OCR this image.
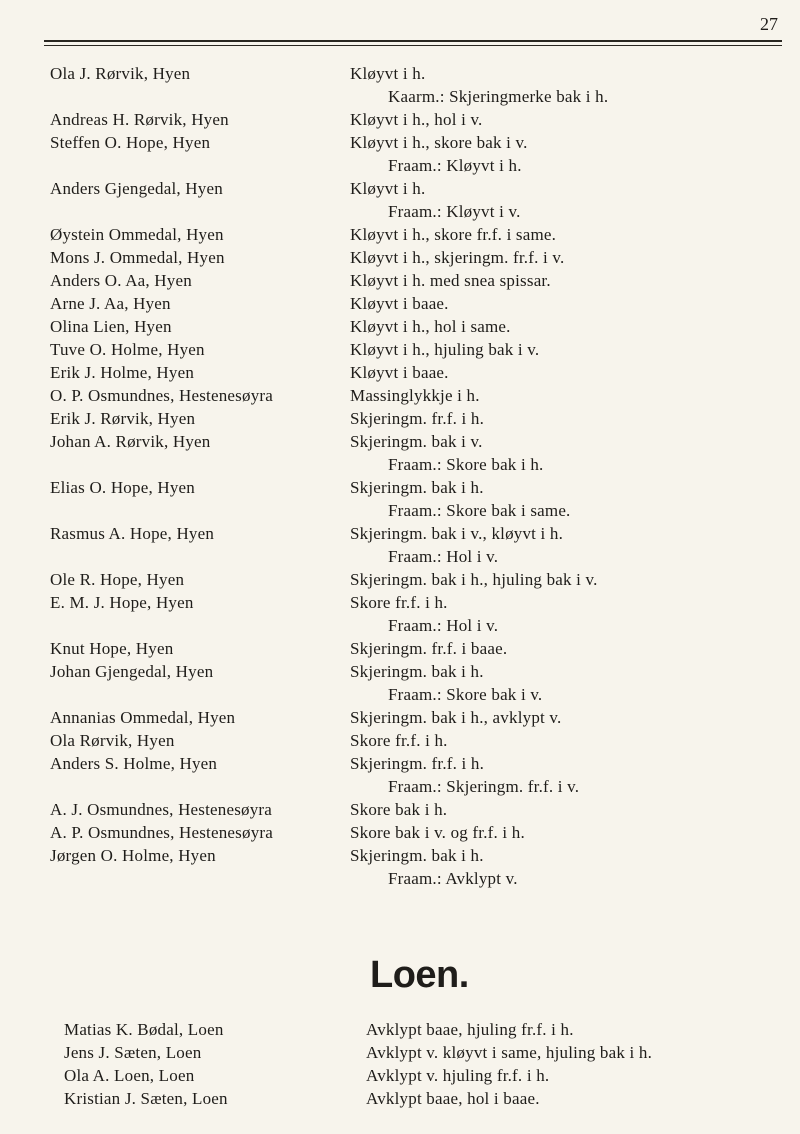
27
Ola J. Rørvik, Hyen	Kløyvt i h.
Kaarm.: Skjeringmerke bak i h.
Andreas H. Rørvik, Hyen	Kløyvt i h., hol i v.
Steffen O. Hope, Hyen	Kløyvt i h., skore bak i v.
Fraam.: Kløyvt i h.
Anders Gjengedal, Hyen	Kløyvt i h.
Fraam.: Kløyvt i v.
Øystein Ommedal, Hyen	Kløyvt i h., skore fr.f. i same.
Mons J. Ommedal, Hyen	Kløyvt i h., skjeringm. fr.f. i v.
Anders O. Aa, Hyen	Kløyvt i h. med snea spissar.
Arne J. Aa, Hyen	Kløyvt i baae.
Olina Lien, Hyen	Kløyvt i h., hol i same.
Tuve O. Holme, Hyen	Kløyvt i h., hjuling bak i v.
Erik J. Holme, Hyen	Kløyvt i baae.
O. P. Osmundnes, Hestenesøyra	Massinglykkje i h.
Erik J. Rørvik, Hyen	Skjeringm. fr.f. i h.
Johan A. Rørvik, Hyen	Skjeringm. bak i v.
Fraam.: Skore bak i h.
Elias O. Hope, Hyen	Skjeringm. bak i h.
Fraam.: Skore bak i same.
Rasmus A. Hope, Hyen	Skjeringm. bak i v., kløyvt i h.
Fraam.: Hol i v.
Ole R. Hope, Hyen	Skjeringm. bak i h., hjuling bak i v.
E. M. J. Hope, Hyen	Skore fr.f. i h.
Fraam.: Hol i v.
Knut Hope, Hyen	Skjeringm. fr.f. i baae.
Johan Gjengedal, Hyen	Skjeringm. bak i h.
Fraam.: Skore bak i v.
Annanias Ommedal, Hyen	Skjeringm. bak i h., avklypt v.
Ola Rørvik, Hyen	Skore fr.f. i h.
Anders S. Holme, Hyen	Skjeringm. fr.f. i h.
Fraam.: Skjeringm. fr.f. i v.
A. J. Osmundnes, Hestenesøyra	Skore bak i h.
A. P. Osmundnes, Hestenesøyra	Skore bak i v. og fr.f. i h.
Jørgen O. Holme, Hyen	Skjeringm. bak i h.
Fraam.: Avklypt v.
Loen.
Matias K. Bødal, Loen	Avklypt baae, hjuling fr.f. i h.
Jens J. Sæten, Loen	Avklypt v. kløyvt i same, hjuling bak i h.
Ola A. Loen, Loen	Avklypt v. hjuling fr.f. i h.
Kristian J. Sæten, Loen	Avklypt baae, hol i baae.
